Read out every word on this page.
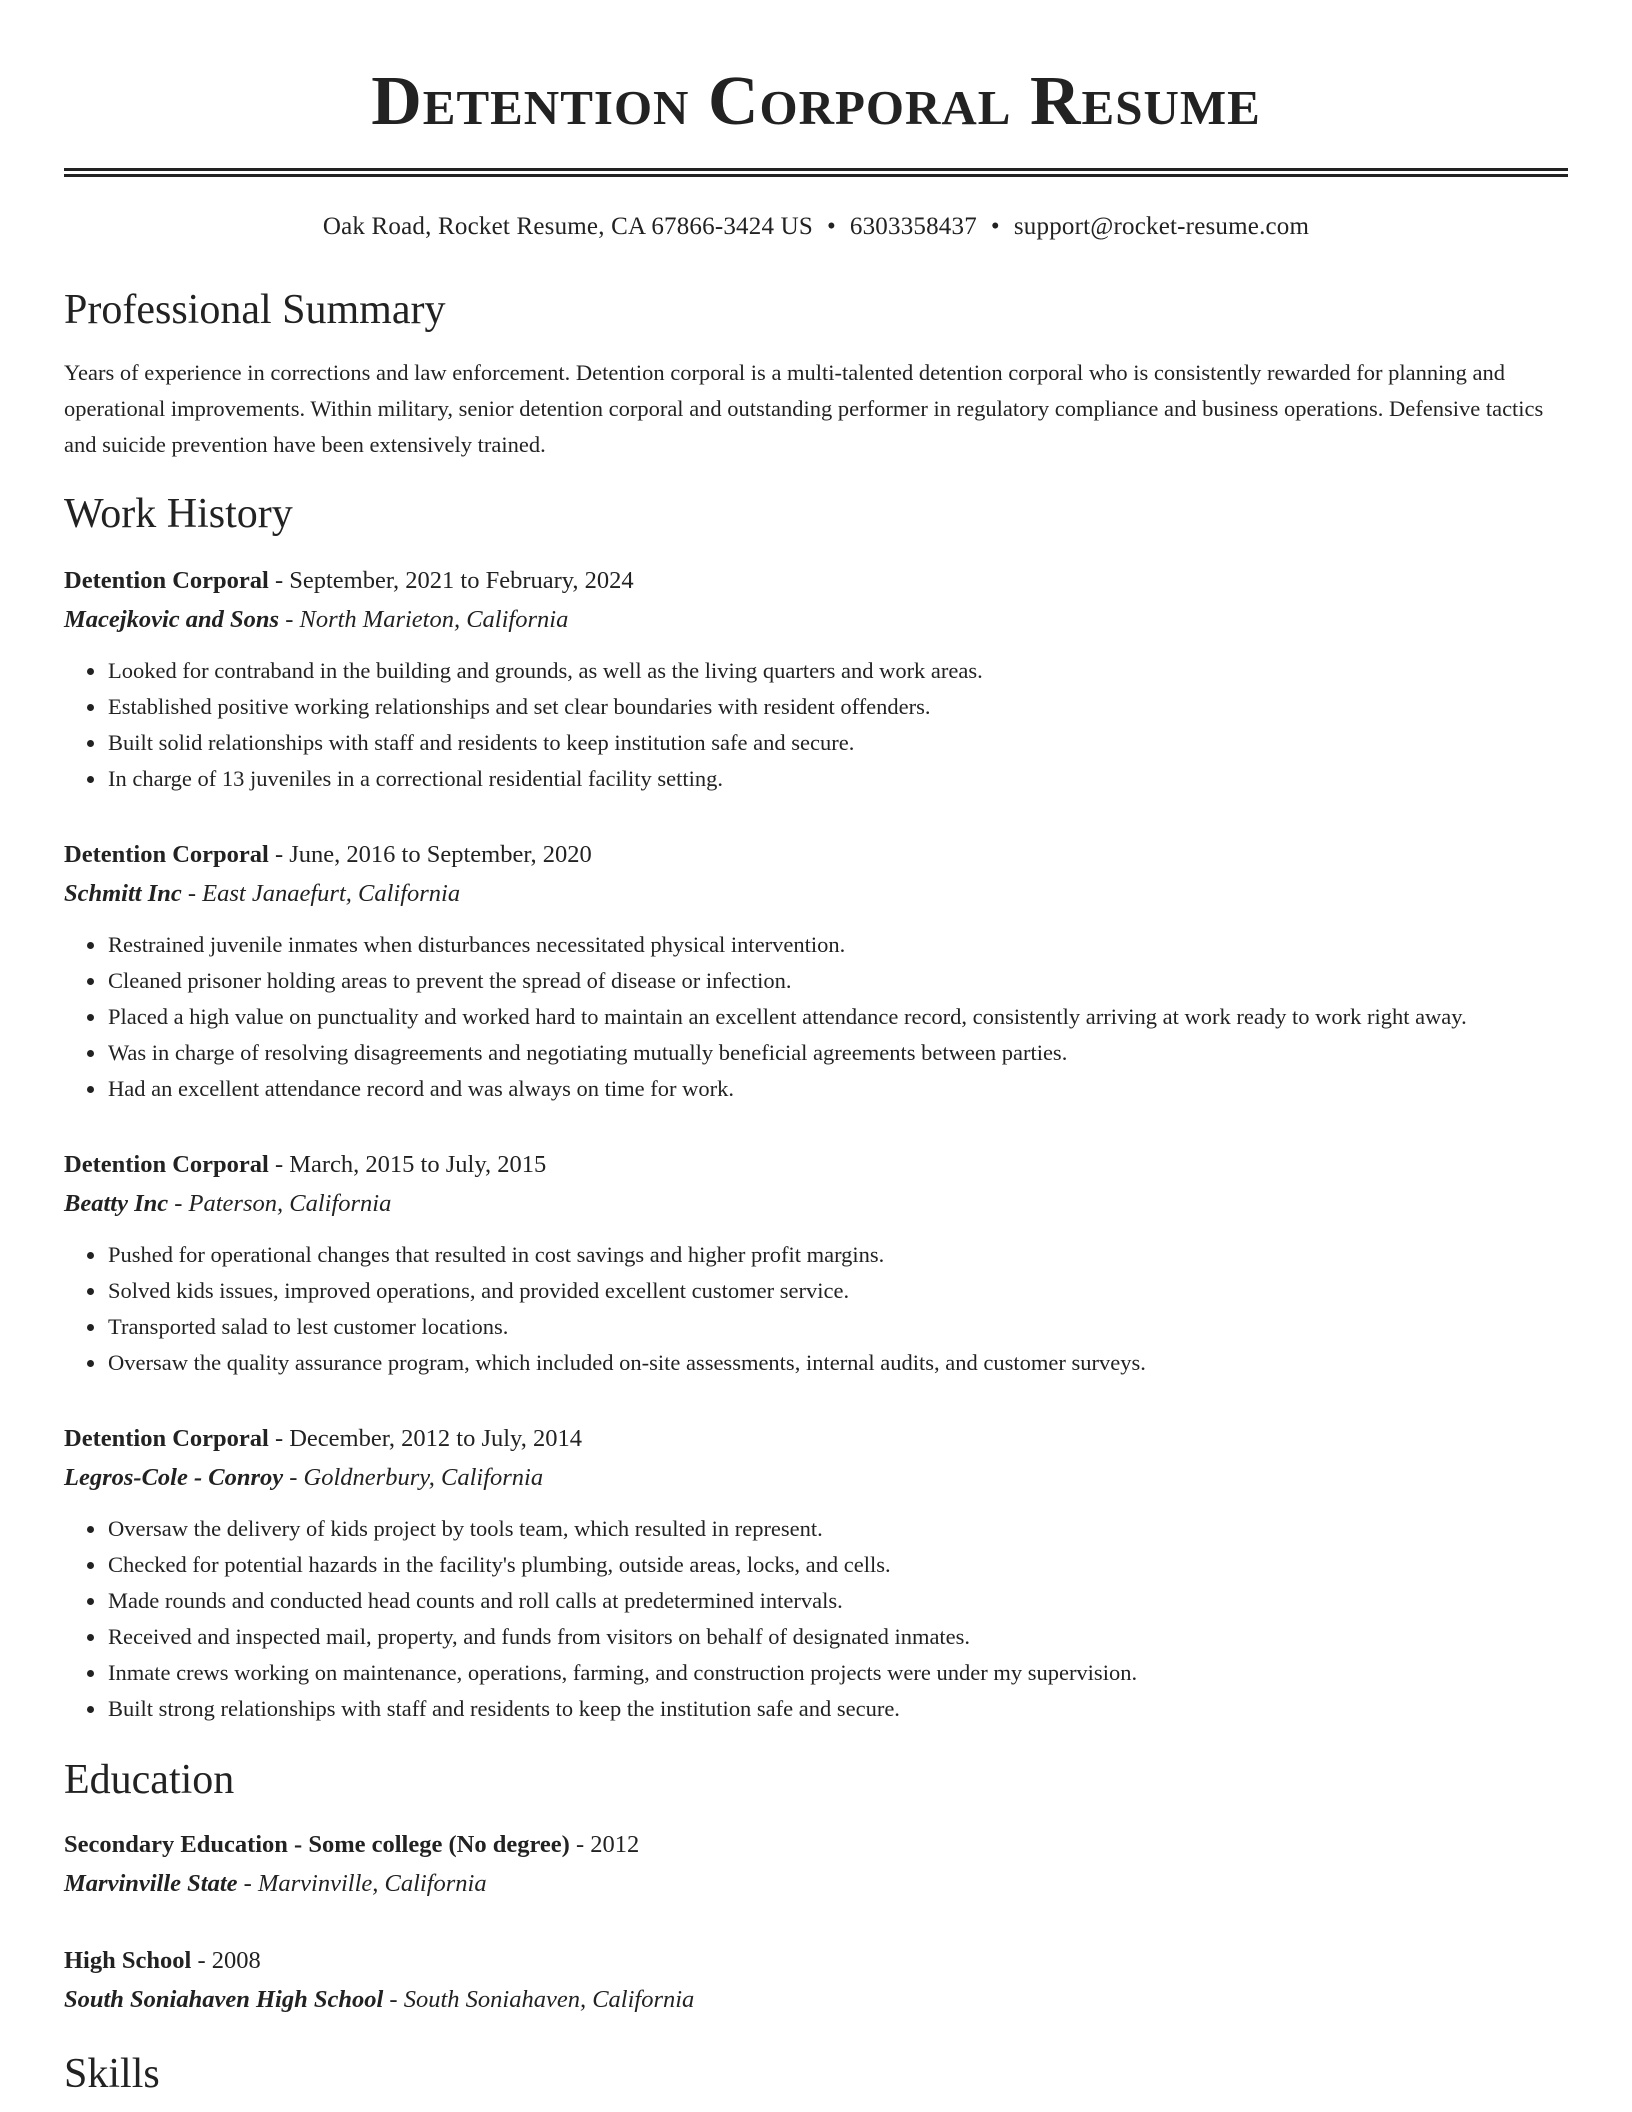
Detention Corporal Resume
Oak Road, Rocket Resume, CA 67866-3424 US • 6303358437 • support@rocket-resume.com
Professional Summary
Years of experience in corrections and law enforcement. Detention corporal is a multi-talented detention corporal who is consistently rewarded for planning and operational improvements. Within military, senior detention corporal and outstanding performer in regulatory compliance and business operations. Defensive tactics and suicide prevention have been extensively trained.
Work History
Detention Corporal - September, 2021 to February, 2024
Macejkovic and Sons - North Marieton, California
• Looked for contraband in the building and grounds, as well as the living quarters and work areas.
• Established positive working relationships and set clear boundaries with resident offenders.
• Built solid relationships with staff and residents to keep institution safe and secure.
• In charge of 13 juveniles in a correctional residential facility setting.
Detention Corporal - June, 2016 to September, 2020
Schmitt Inc - East Janaefurt, California
• Restrained juvenile inmates when disturbances necessitated physical intervention.
• Cleaned prisoner holding areas to prevent the spread of disease or infection.
• Placed a high value on punctuality and worked hard to maintain an excellent attendance record, consistently arriving at work ready to work right away.
• Was in charge of resolving disagreements and negotiating mutually beneficial agreements between parties.
• Had an excellent attendance record and was always on time for work.
Detention Corporal - March, 2015 to July, 2015
Beatty Inc - Paterson, California
• Pushed for operational changes that resulted in cost savings and higher profit margins.
• Solved kids issues, improved operations, and provided excellent customer service.
• Transported salad to lest customer locations.
• Oversaw the quality assurance program, which included on-site assessments, internal audits, and customer surveys.
Detention Corporal - December, 2012 to July, 2014
Legros-Cole - Conroy - Goldnerbury, California
• Oversaw the delivery of kids project by tools team, which resulted in represent.
• Checked for potential hazards in the facility's plumbing, outside areas, locks, and cells.
• Made rounds and conducted head counts and roll calls at predetermined intervals.
• Received and inspected mail, property, and funds from visitors on behalf of designated inmates.
• Inmate crews working on maintenance, operations, farming, and construction projects were under my supervision.
• Built strong relationships with staff and residents to keep the institution safe and secure.
Education
Secondary Education - Some college (No degree) - 2012
Marvinville State - Marvinville, California
High School - 2008
South Soniahaven High School - South Soniahaven, California
Skills
